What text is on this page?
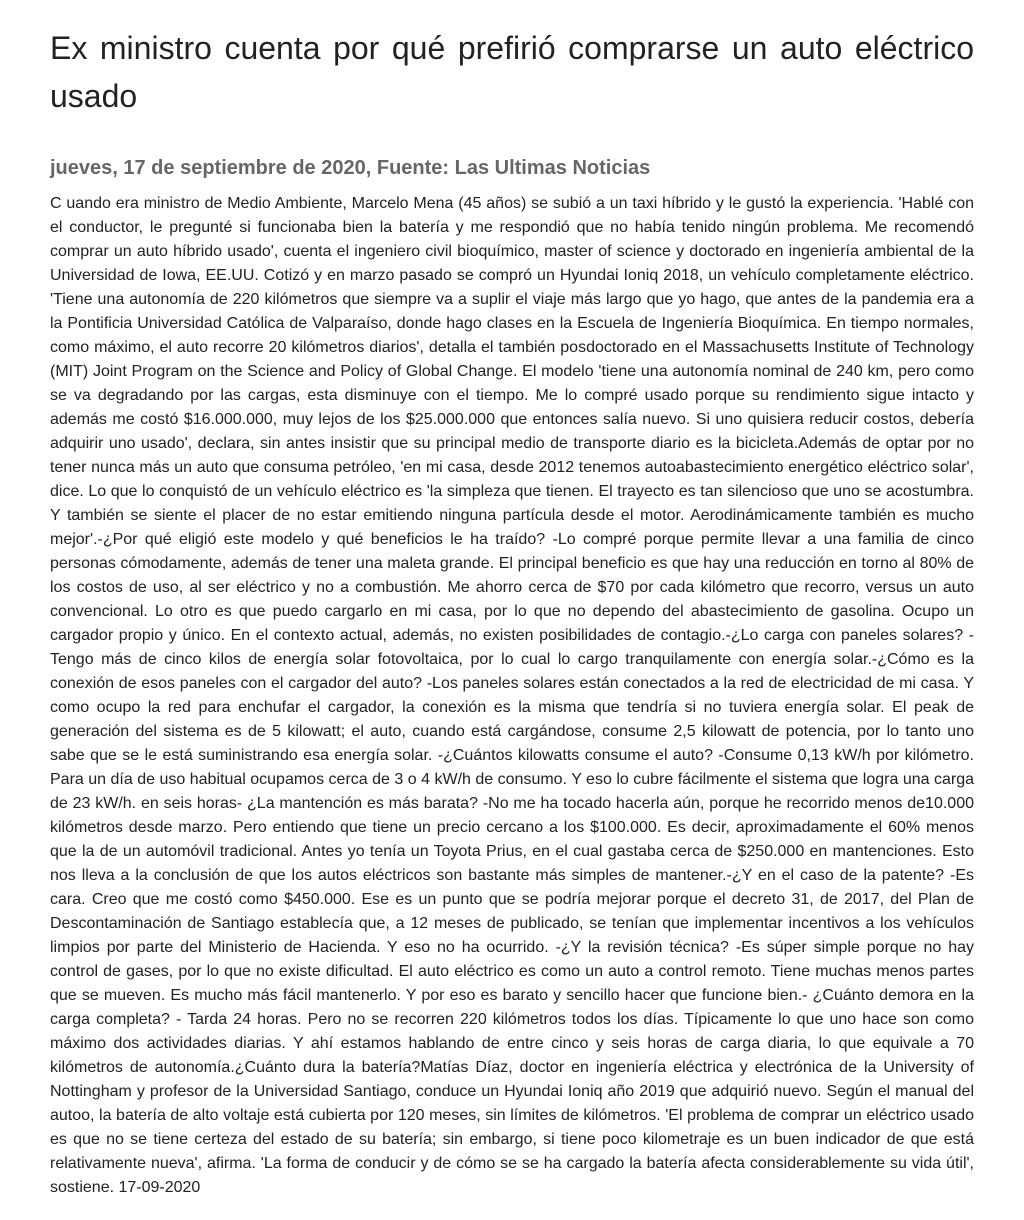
Ex ministro cuenta por qué prefirió comprarse un auto eléctrico usado
jueves, 17 de septiembre de 2020, Fuente: Las Ultimas Noticias

C uando era ministro de Medio Ambiente, Marcelo Mena (45 años) se subió a un taxi híbrido y le gustó la experiencia. 'Hablé con el conductor, le pregunté si funcionaba bien la batería y me respondió que no había tenido ningún problema. Me recomendó comprar un auto híbrido usado', cuenta el ingeniero civil bioquímico, master of science y doctorado en ingeniería ambiental de la Universidad de Iowa, EE.UU. Cotizó y en marzo pasado se compró un Hyundai Ioniq 2018, un vehículo completamente eléctrico. 'Tiene una autonomía de 220 kilómetros que siempre va a suplir el viaje más largo que yo hago, que antes de la pandemia era a la Pontificia Universidad Católica de Valparaíso, donde hago clases en la Escuela de Ingeniería Bioquímica. En tiempo normales, como máximo, el auto recorre 20 kilómetros diarios', detalla el también posdoctorado en el Massachusetts Institute of Technology (MIT) Joint Program on the Science and Policy of Global Change. El modelo 'tiene una autonomía nominal de 240 km, pero como se va degradando por las cargas, esta disminuye con el tiempo. Me lo compré usado porque su rendimiento sigue intacto y además me costó $16.000.000, muy lejos de los $25.000.000 que entonces salía nuevo. Si uno quisiera reducir costos, debería adquirir uno usado', declara, sin antes insistir que su principal medio de transporte diario es la bicicleta.Además de optar por no tener nunca más un auto que consuma petróleo, 'en mi casa, desde 2012 tenemos autoabastecimiento energético eléctrico solar', dice. Lo que lo conquistó de un vehículo eléctrico es 'la simpleza que tienen. El trayecto es tan silencioso que uno se acostumbra. Y también se siente el placer de no estar emitiendo ninguna partícula desde el motor. Aerodinámicamente también es mucho mejor'.-¿Por qué eligió este modelo y qué beneficios le ha traído? -Lo compré porque permite llevar a una familia de cinco personas cómodamente, además de tener una maleta grande. El principal beneficio es que hay una reducción en torno al 80% de los costos de uso, al ser eléctrico y no a combustión. Me ahorro cerca de $70 por cada kilómetro que recorro, versus un auto convencional. Lo otro es que puedo cargarlo en mi casa, por lo que no dependo del abastecimiento de gasolina. Ocupo un cargador propio y único. En el contexto actual, además, no existen posibilidades de contagio.-¿Lo carga con paneles solares? -Tengo más de cinco kilos de energía solar fotovoltaica, por lo cual lo cargo tranquilamente con energía solar.-¿Cómo es la conexión de esos paneles con el cargador del auto? -Los paneles solares están conectados a la red de electricidad de mi casa. Y como ocupo la red para enchufar el cargador, la conexión es la misma que tendría si no tuviera energía solar. El peak de generación del sistema es de 5 kilowatt; el auto, cuando está cargándose, consume 2,5 kilowatt de potencia, por lo tanto uno sabe que se le está suministrando esa energía solar. -¿Cuántos kilowatts consume el auto? -Consume 0,13 kW/h por kilómetro. Para un día de uso habitual ocupamos cerca de 3 o 4 kW/h de consumo. Y eso lo cubre fácilmente el sistema que logra una carga de 23 kW/h. en seis horas- ¿La mantención es más barata? -No me ha tocado hacerla aún, porque he recorrido menos de10.000 kilómetros desde marzo. Pero entiendo que tiene un precio cercano a los $100.000. Es decir, aproximadamente el 60% menos que la de un automóvil tradicional. Antes yo tenía un Toyota Prius, en el cual gastaba cerca de $250.000 en mantenciones. Esto nos lleva a la conclusión de que los autos eléctricos son bastante más simples de mantener.-¿Y en el caso de la patente? -Es cara. Creo que me costó como $450.000. Ese es un punto que se podría mejorar porque el decreto 31, de 2017, del Plan de Descontaminación de Santiago establecía que, a 12 meses de publicado, se tenían que implementar incentivos a los vehículos limpios por parte del Ministerio de Hacienda. Y eso no ha ocurrido. -¿Y la revisión técnica? -Es súper simple porque no hay control de gases, por lo que no existe dificultad. El auto eléctrico es como un auto a control remoto. Tiene muchas menos partes que se mueven. Es mucho más fácil mantenerlo. Y por eso es barato y sencillo hacer que funcione bien.- ¿Cuánto demora en la carga completa? - Tarda 24 horas. Pero no se recorren 220 kilómetros todos los días. Típicamente lo que uno hace son como máximo dos actividades diarias. Y ahí estamos hablando de entre cinco y seis horas de carga diaria, lo que equivale a 70 kilómetros de autonomía.¿Cuánto dura la batería?Matías Díaz, doctor en ingeniería eléctrica y electrónica de la University of Nottingham y profesor de la Universidad Santiago, conduce un Hyundai Ioniq año 2019 que adquirió nuevo. Según el manual del autoo, la batería de alto voltaje está cubierta por 120 meses, sin límites de kilómetros. 'El problema de comprar un eléctrico usado es que no se tiene certeza del estado de su batería; sin embargo, si tiene poco kilometraje es un buen indicador de que está relativamente nueva', afirma. 'La forma de conducir y de cómo se se ha cargado la batería afecta considerablemente su vida útil', sostiene. 17-09-2020
